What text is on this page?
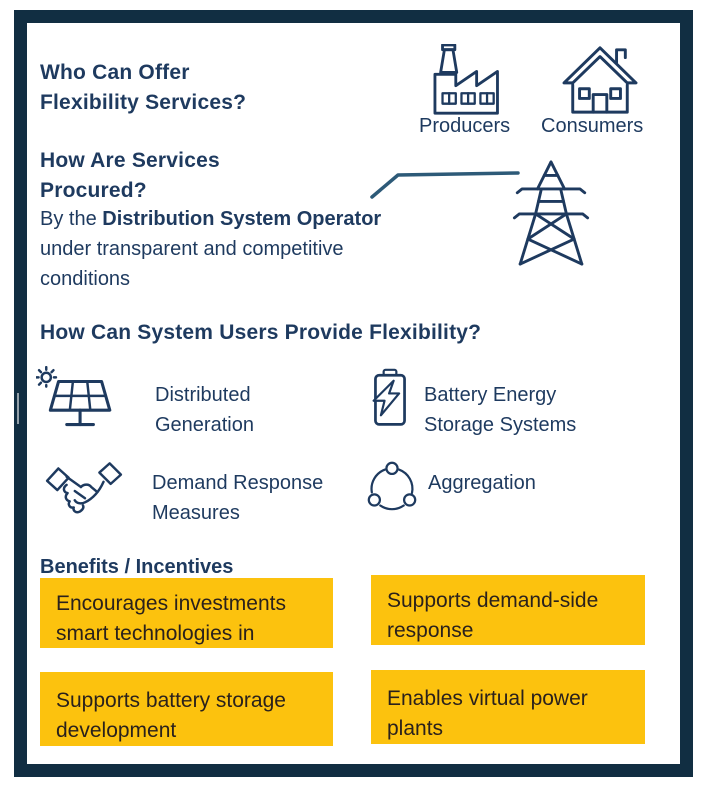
Who Can Offer
Flexibility Services?
Producers Consumers
How Are Services
Procured?
By the Distribution System Operator
under transparent and competitive
conditions
How Can System Users Provide Flexibility?
Distributed
Generation
Battery Energy
Storage Systems
Demand Response
Measures
Aggregation
Benefits / Incentives
Encourages investments
smart technologies in
Supports demand-side
response
Supports battery storage
development
Enables virtual power
plants
